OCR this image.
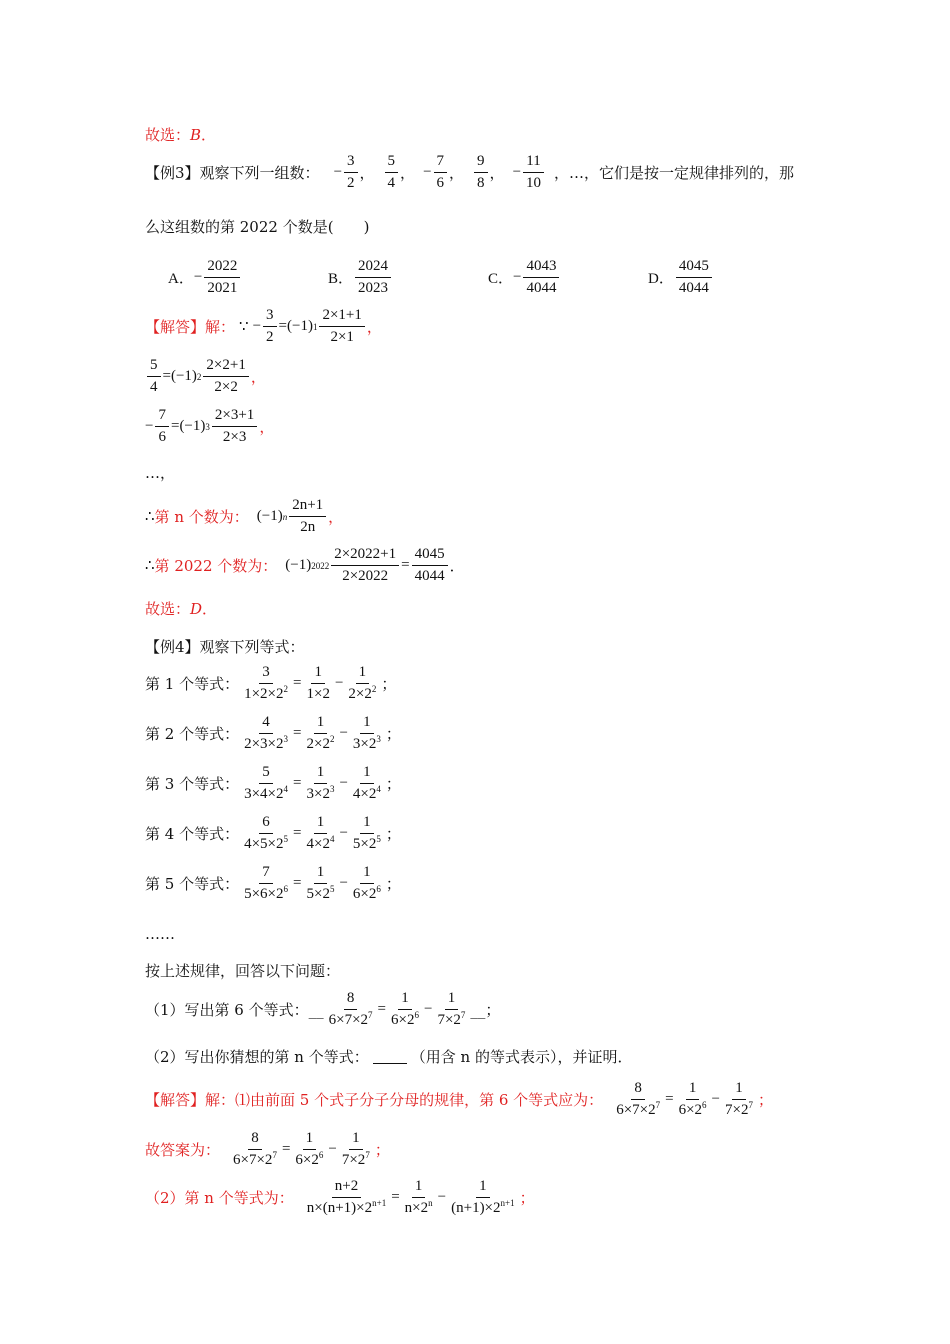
故选： B ．
【例3】 观察下列一组数： − $\frac{3}{2}$ ， $\frac{5}{4}$ ， − $\frac{7}{6}$ ， $\frac{9}{8}$ ， − $\frac{11}{10}$ ，…，它们是按一定规律排列的，那
么这组数的第 2022 个数是(　　)
A． − $\frac{2022}{2021}$	B． $\frac{2024}{2023}$	C． − $\frac{4043}{4044}$	D． $\frac{4045}{4044}$
【解答】 解： ∵ − $\frac{3}{2} = (-1)$ $1 \frac{2\times 1+1}{2\times 1}$ ，
$\frac{5}{4} = (-1)$ $2 \frac{2\times 2+1}{2\times 2}$ ，
− $\frac{7}{6} = (-1)$ $3 \frac{2\times 3+1}{2\times 3}$ ，
…，
∴ 第 n 个数为： (−1) n $\frac{2n+1}{2n}$ ，
∴ 第 2022 个数为： (−1) $2022 \frac{2\times 2022+1}{2\times 2022} = \frac{4045}{4044}$ ．
故选： D ．
【例4】 观察下列等式：
第 1 个等式： $\frac{3}{1\times 2\times 2^2} = \frac{1}{1\times 2} - \frac{1}{2\times 2^2}$ ；
第 2 个等式： $\frac{4}{2\times 3\times 2^3} = \frac{1}{2\times 2^2} - \frac{1}{3\times 2^3}$ ；
第 3 个等式： $\frac{5}{3\times 4\times 2^4} = \frac{1}{3\times 2^3} - \frac{1}{4\times 2^4}$ ；
第 4 个等式： $\frac{6}{4\times 5\times 2^5} = \frac{1}{4\times 2^4} - \frac{1}{5\times 2^5}$ ；
第 5 个等式： $\frac{7}{5\times 6\times 2^6} = \frac{1}{5\times 2^5} - \frac{1}{6\times 2^6}$ ；
……
按上述规律，回答以下问题：
（1）写出第 6 个等式： __ $\frac{8}{6\times 7\times 2^7} = \frac{1}{6\times 2^6} - \frac{1}{7\times 2^7}$ __；
（2）写出你猜想的第 n 个等式：	（用含 n 的等式表示），并证明．
【解答】 解：⑴由前面 5 个式子分子分母的规律，第 6 个等式应为： $\frac{8}{6\times 7\times 2^7} = \frac{1}{6\times 2^6} - \frac{1}{7\times 2^7}$ ；
故答案为： $\frac{8}{6\times 7\times 2^7} = \frac{1}{6\times 2^6} - \frac{1}{7\times 2^7}$ ；
（2）第 n 个等式为： $\frac{n+2}{n\times(n+1)\times 2^{n+1}} = \frac{1}{n\times 2^n} - \frac{1}{(n+1)\times 2^{n+1}}$ ；
